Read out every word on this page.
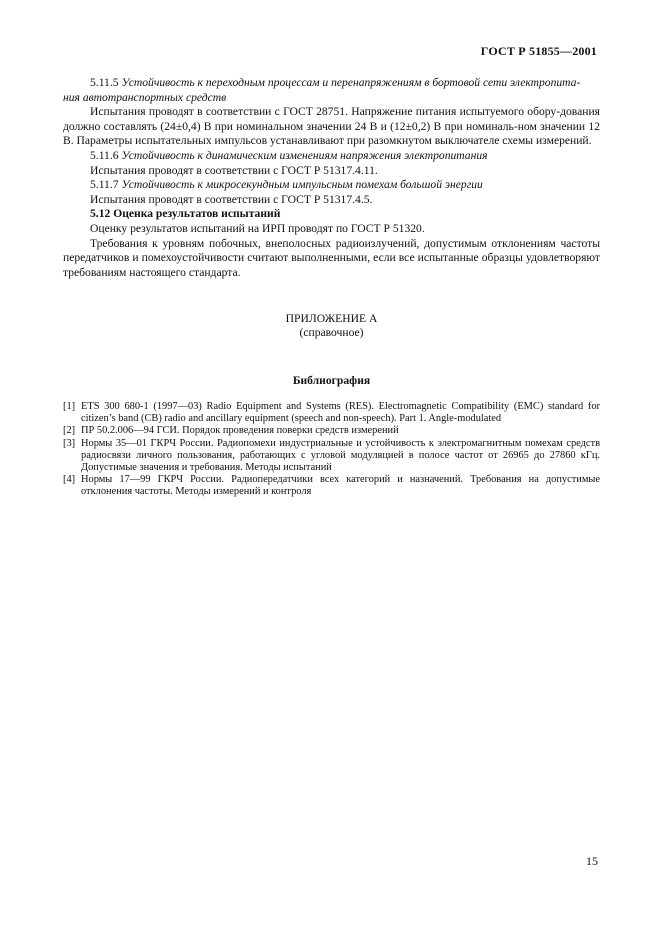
ГОСТ Р 51855—2001

5.11.5 Устойчивость к переходным процессам и перенапряжениям в бортовой сети электропита-

ния автотранспортных средств

Испытания проводят в соответствии с ГОСТ 28751. Напряжение питания испытуемого обору-дования должно составлять (24±0,4) В при номинальном значении 24 В и (12±0,2) В при номиналь-ном значении 12 В. Параметры испытательных импульсов устанавливают при разомкнутом выключателе схемы измерений.

5.11.6 Устойчивость к динамическим изменениям напряжения электропитания

Испытания проводят в соответствии с ГОСТ Р 51317.4.11.

5.11.7 Устойчивость к микросекундным импульсным помехам большой энергии

Испытания проводят в соответствии с ГОСТ Р 51317.4.5.

5.12 Оценка результатов испытаний

Оценку результатов испытаний на ИРП проводят по ГОСТ Р 51320.

Требования к уровням побочных, внеполосных радиоизлучений, допустимым отклонениям частоты передатчиков и помехоустойчивости считают выполненными, если все испытанные образцы удовлетворяют требованиям настоящего стандарта.

ПРИЛОЖЕНИЕ А
(справочное)
Библиография
[1] ETS 300 680-1 (1997—03) Radio Equipment and Systems (RES). Electromagnetic Compatibility (EMC) standard for citizen’s band (CB) radio and ancillary equipment (speech and non-speech). Part 1. Angle-modulated
[2] ПР 50.2.006—94 ГСИ. Порядок проведения поверки средств измерений
[3] Нормы 35—01 ГКРЧ России. Радиопомехи индустриальные и устойчивость к электромагнитным помехам средств радиосвязи личного пользования, работающих с угловой модуляцией в полосе частот от 26965 до 27860 кГц. Допустимые значения и требования. Методы испытаний
[4] Нормы 17—99 ГКРЧ России. Радиопередатчики всех категорий и назначений. Требования на допустимые отклонения частоты. Методы измерений и контроля
15
